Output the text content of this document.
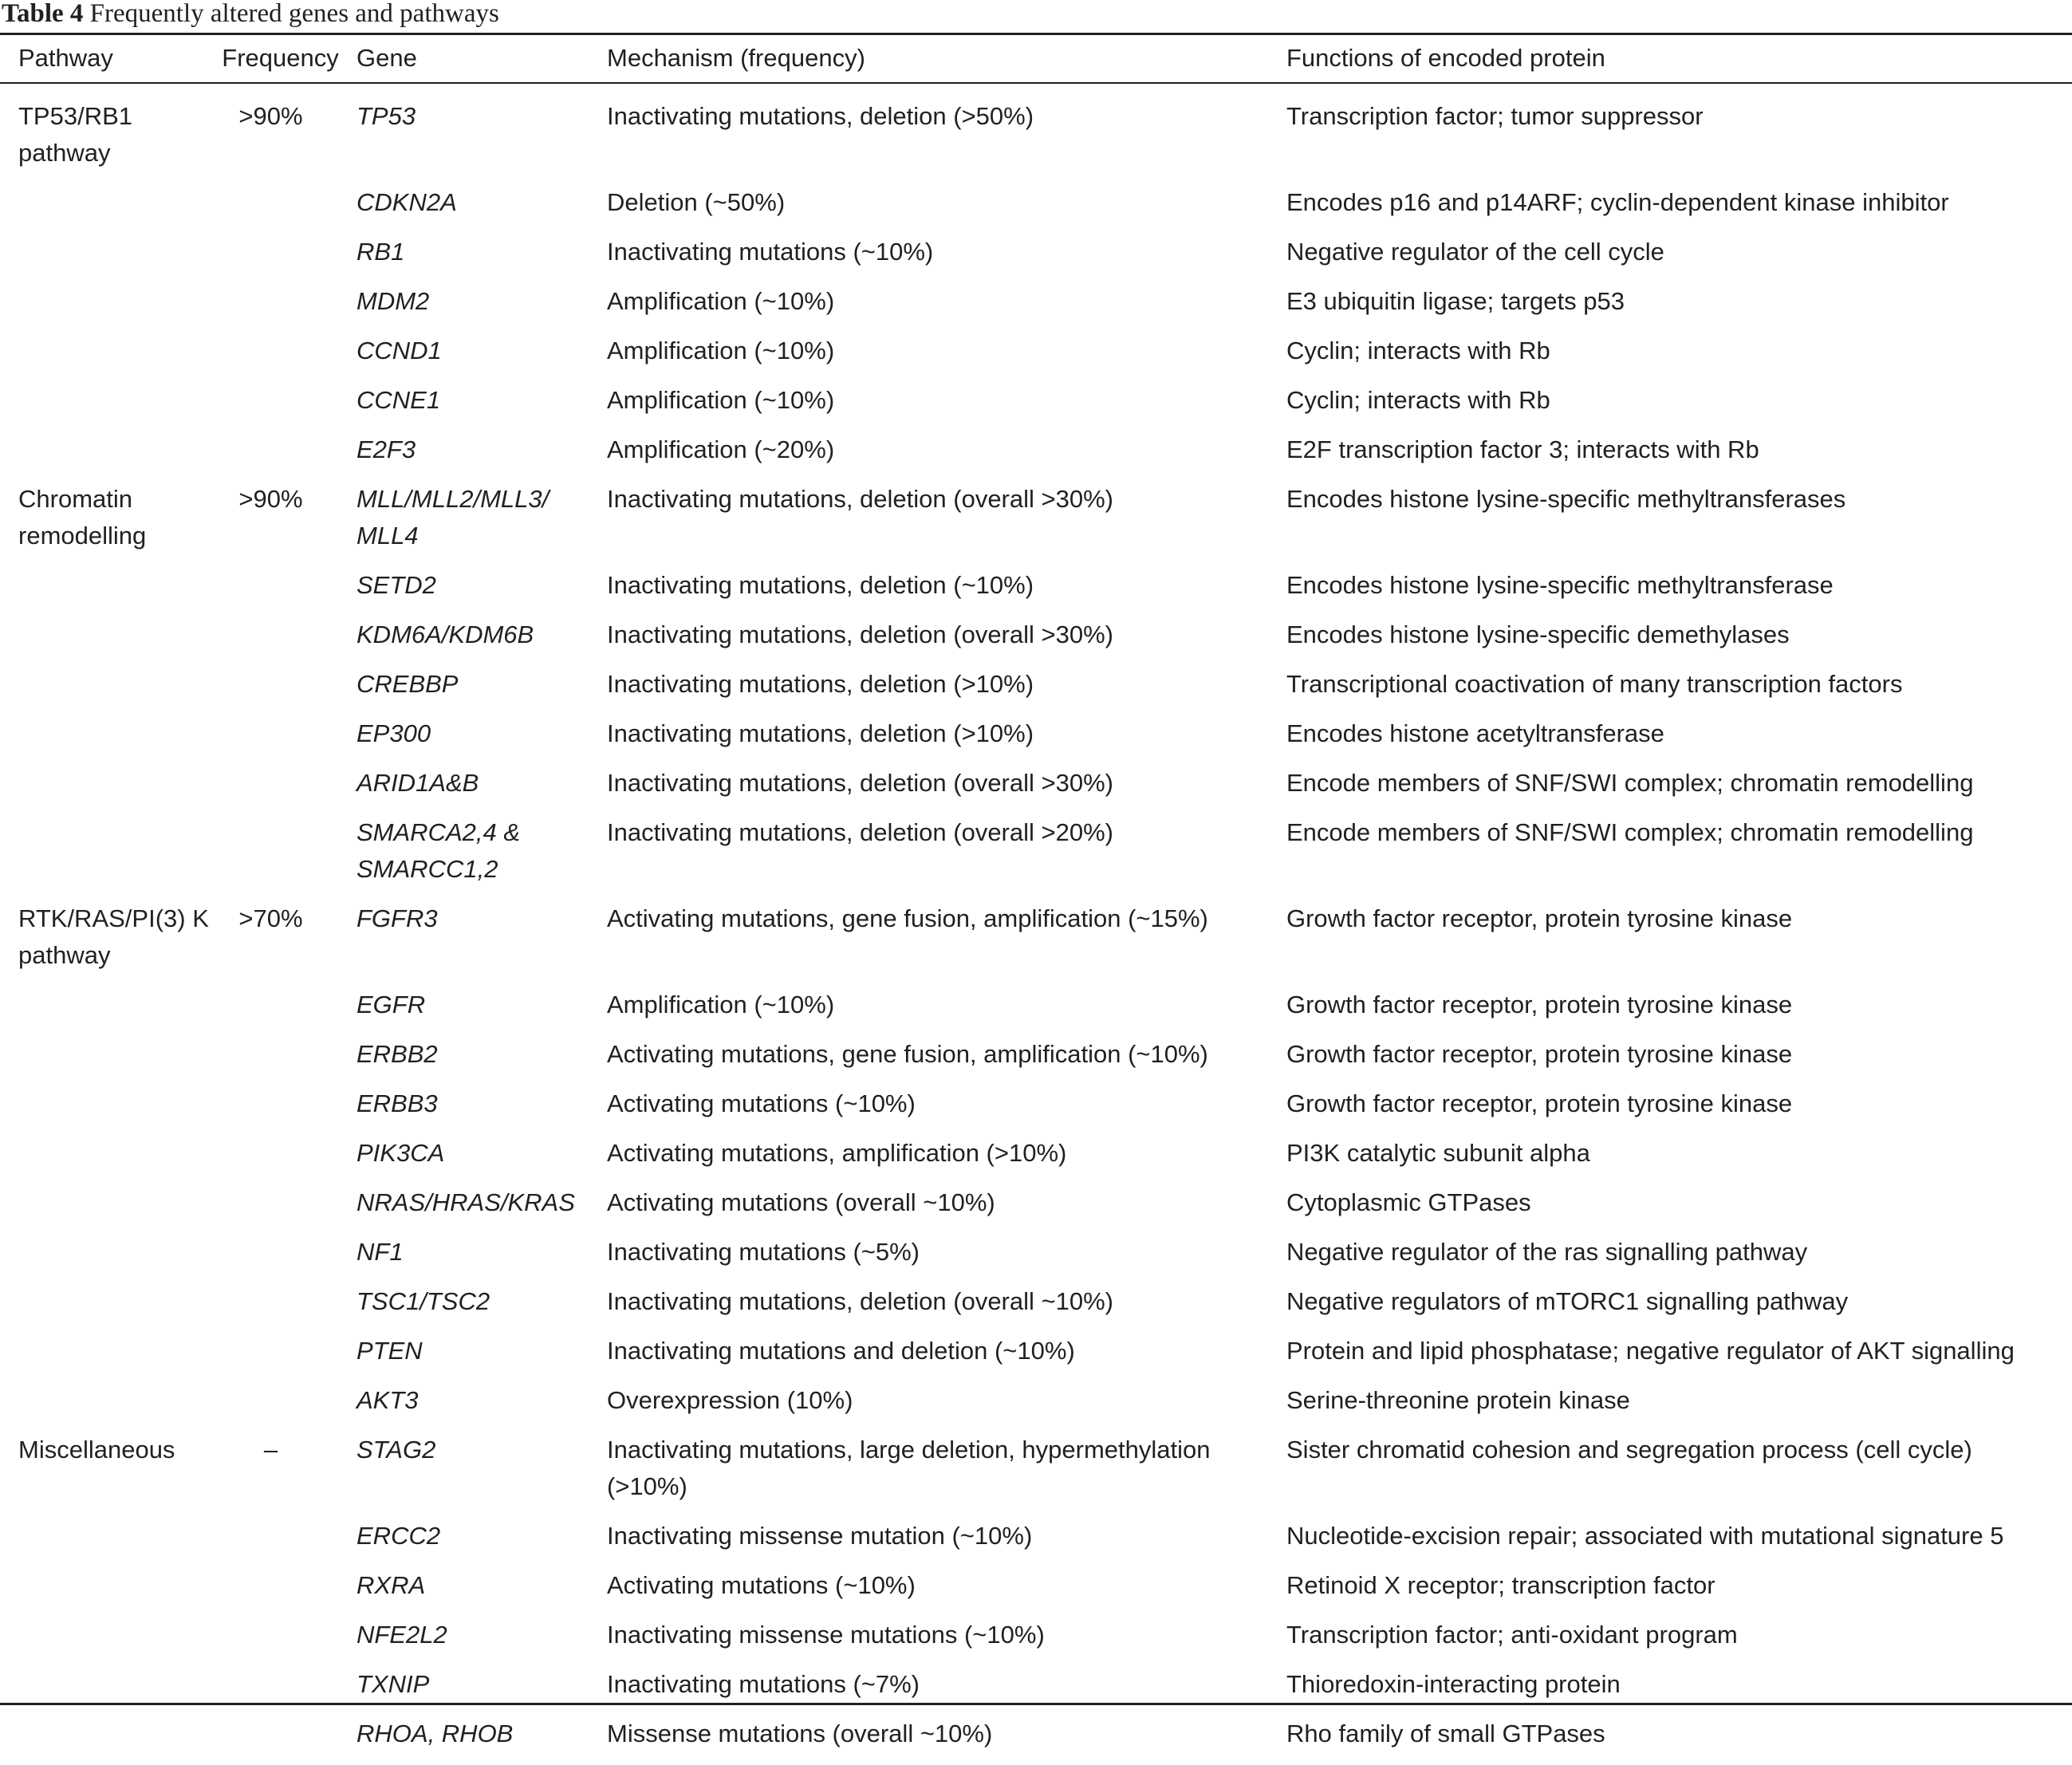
Table 4 Frequently altered genes and pathways
Pathway	Frequency	Gene	Mechanism (frequency)	Functions of encoded protein
TP53/RB1 pathway	>90%	TP53	Inactivating mutations, deletion (>50%)	Transcription factor; tumor suppressor
		CDKN2A	Deletion (~50%)	Encodes p16 and p14ARF; cyclin-dependent kinase inhibitor
		RB1	Inactivating mutations (~10%)	Negative regulator of the cell cycle
		MDM2	Amplification (~10%)	E3 ubiquitin ligase; targets p53
		CCND1	Amplification (~10%)	Cyclin; interacts with Rb
		CCNE1	Amplification (~10%)	Cyclin; interacts with Rb
		E2F3	Amplification (~20%)	E2F transcription factor 3; interacts with Rb
Chromatin remodelling	>90%	MLL/MLL2/MLL3/ MLL4	Inactivating mutations, deletion (overall >30%)	Encodes histone lysine-specific methyltransferases
		SETD2	Inactivating mutations, deletion (~10%)	Encodes histone lysine-specific methyltransferase
		KDM6A/KDM6B	Inactivating mutations, deletion (overall >30%)	Encodes histone lysine-specific demethylases
		CREBBP	Inactivating mutations, deletion (>10%)	Transcriptional coactivation of many transcription factors
		EP300	Inactivating mutations, deletion (>10%)	Encodes histone acetyltransferase
		ARID1A&B	Inactivating mutations, deletion (overall >30%)	Encode members of SNF/SWI complex; chromatin remodelling
		SMARCA2,4 & SMARCC1,2	Inactivating mutations, deletion (overall >20%)	Encode members of SNF/SWI complex; chromatin remodelling
RTK/RAS/PI(3) K pathway	>70%	FGFR3	Activating mutations, gene fusion, amplification (~15%)	Growth factor receptor, protein tyrosine kinase
		EGFR	Amplification (~10%)	Growth factor receptor, protein tyrosine kinase
		ERBB2	Activating mutations, gene fusion, amplification (~10%)	Growth factor receptor, protein tyrosine kinase
		ERBB3	Activating mutations (~10%)	Growth factor receptor, protein tyrosine kinase
		PIK3CA	Activating mutations, amplification (>10%)	PI3K catalytic subunit alpha
		NRAS/HRAS/KRAS	Activating mutations (overall ~10%)	Cytoplasmic GTPases
		NF1	Inactivating mutations (~5%)	Negative regulator of the ras signalling pathway
		TSC1/TSC2	Inactivating mutations, deletion (overall ~10%)	Negative regulators of mTORC1 signalling pathway
		PTEN	Inactivating mutations and deletion (~10%)	Protein and lipid phosphatase; negative regulator of AKT signalling
		AKT3	Overexpression (10%)	Serine-threonine protein kinase
Miscellaneous	–	STAG2	Inactivating mutations, large deletion, hypermethylation (>10%)	Sister chromatid cohesion and segregation process (cell cycle)
		ERCC2	Inactivating missense mutation (~10%)	Nucleotide-excision repair; associated with mutational signature 5
		RXRA	Activating mutations (~10%)	Retinoid X receptor; transcription factor
		NFE2L2	Inactivating missense mutations (~10%)	Transcription factor; anti-oxidant program
		TXNIP	Inactivating mutations (~7%)	Thioredoxin-interacting protein
		RHOA, RHOB	Missense mutations (overall ~10%)	Rho family of small GTPases
